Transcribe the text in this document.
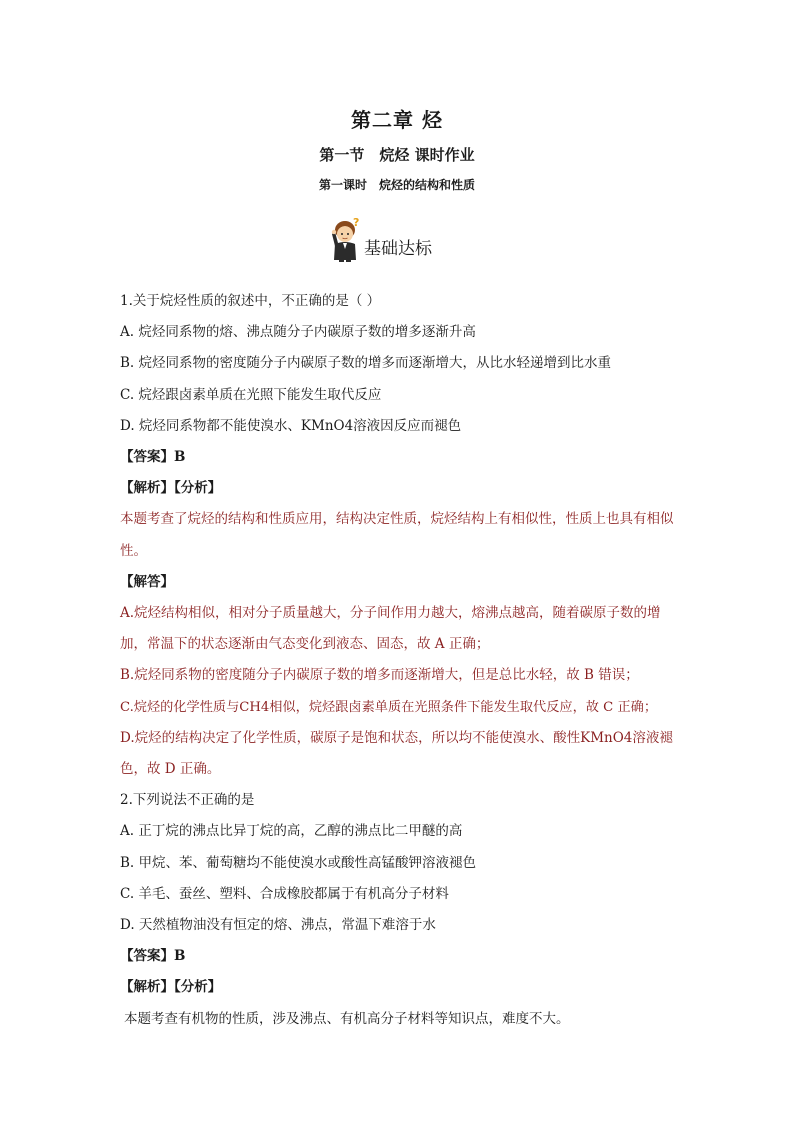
第二章 烃
第一节　烷烃 课时作业
第一课时　烷烃的结构和性质
?
基础达标

1.关于烷烃性质的叙述中，不正确的是（ ）

A. 烷烃同系物的熔、沸点随分子内碳原子数的增多逐渐升高

B. 烷烃同系物的密度随分子内碳原子数的增多而逐渐增大，从比水轻递增到比水重

C. 烷烃跟卤素单质在光照下能发生取代反应

D. 烷烃同系物都不能使溴水、KMnO4溶液因反应而褪色

【答案】B

【解析】【分析】

本题考查了烷烃的结构和性质应用，结构决定性质，烷烃结构上有相似性，性质上也具有相似性。

【解答】

A.烷烃结构相似，相对分子质量越大，分子间作用力越大，熔沸点越高，随着碳原子数的增加，常温下的状态逐渐由气态变化到液态、固态，故 A 正确；

B.烷烃同系物的密度随分子内碳原子数的增多而逐渐增大，但是总比水轻，故 B 错误；

C.烷烃的化学性质与CH4相似，烷烃跟卤素单质在光照条件下能发生取代反应，故 C 正确；

D.烷烃的结构决定了化学性质，碳原子是饱和状态，所以均不能使溴水、酸性KMnO4溶液褪色，故 D 正确。

2.下列说法不正确的是

A. 正丁烷的沸点比异丁烷的高，乙醇的沸点比二甲醚的高

B. 甲烷、苯、葡萄糖均不能使溴水或酸性高锰酸钾溶液褪色

C. 羊毛、蚕丝、塑料、合成橡胶都属于有机高分子材料

D. 天然植物油没有恒定的熔、沸点，常温下难溶于水

【答案】B

【解析】【分析】

本题考查有机物的性质，涉及沸点、有机高分子材料等知识点，难度不大。
